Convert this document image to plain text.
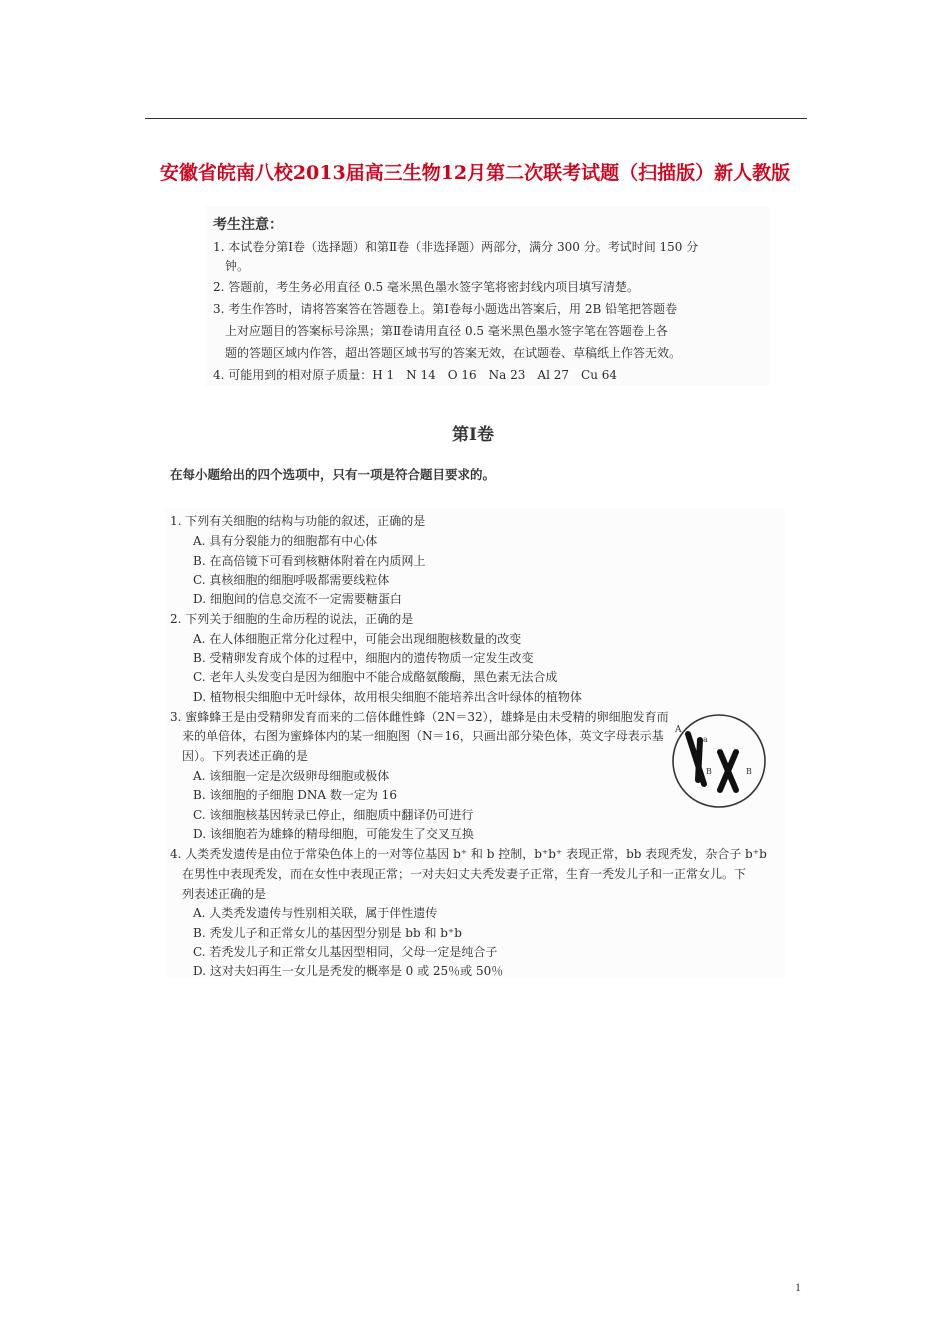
安徽省皖南八校2013届高三生物12月第二次联考试题（扫描版）新人教版
考生注意：
1. 本试卷分第Ⅰ卷（选择题）和第Ⅱ卷（非选择题）两部分，满分 300 分。考试时间 150 分
钟。
2. 答题前，考生务必用直径 0.5 毫米黑色墨水签字笔将密封线内项目填写清楚。
3. 考生作答时，请将答案答在答题卷上。第Ⅰ卷每小题选出答案后，用 2B 铅笔把答题卷
上对应题目的答案标号涂黑；第Ⅱ卷请用直径 0.5 毫米黑色墨水签字笔在答题卷上各
题的答题区域内作答，超出答题区域书写的答案无效，在试题卷、草稿纸上作答无效。
4. 可能用到的相对原子质量：H 1　N 14　O 16　Na 23　Al 27　Cu 64
第Ⅰ卷
在每小题给出的四个选项中，只有一项是符合题目要求的。
1. 下列有关细胞的结构与功能的叙述，正确的是
A. 具有分裂能力的细胞都有中心体
B. 在高倍镜下可看到核糖体附着在内质网上
C. 真核细胞的细胞呼吸都需要线粒体
D. 细胞间的信息交流不一定需要糖蛋白
2. 下列关于细胞的生命历程的说法，正确的是
A. 在人体细胞正常分化过程中，可能会出现细胞核数量的改变
B. 受精卵发育成个体的过程中，细胞内的遗传物质一定发生改变
C. 老年人头发变白是因为细胞中不能合成酪氨酸酶，黑色素无法合成
D. 植物根尖细胞中无叶绿体，故用根尖细胞不能培养出含叶绿体的植物体
3. 蜜蜂蜂王是由受精卵发育而来的二倍体雌性蜂（2N＝32），雄蜂是由未受精的卵细胞发育而
来的单倍体，右图为蜜蜂体内的某一细胞图（N＝16，只画出部分染色体，英文字母表示基
因）。下列表述正确的是
A. 该细胞一定是次级卵母细胞或极体
B. 该细胞的子细胞 DNA 数一定为 16
C. 该细胞核基因转录已停止，细胞质中翻译仍可进行
D. 该细胞若为雄蜂的精母细胞，可能发生了交叉互换
A
a
B	B
4. 人类秃发遗传是由位于常染色体上的一对等位基因 b⁺ 和 b 控制，b⁺b⁺ 表现正常，bb 表现秃发，杂合子 b⁺b
在男性中表现秃发，而在女性中表现正常；一对夫妇丈夫秃发妻子正常，生育一秃发儿子和一正常女儿。下
列表述正确的是
A. 人类秃发遗传与性别相关联，属于伴性遗传
B. 秃发儿子和正常女儿的基因型分别是 bb 和 b⁺b
C. 若秃发儿子和正常女儿基因型相同，父母一定是纯合子
D. 这对夫妇再生一女儿是秃发的概率是 0 或 25％或 50％
1
